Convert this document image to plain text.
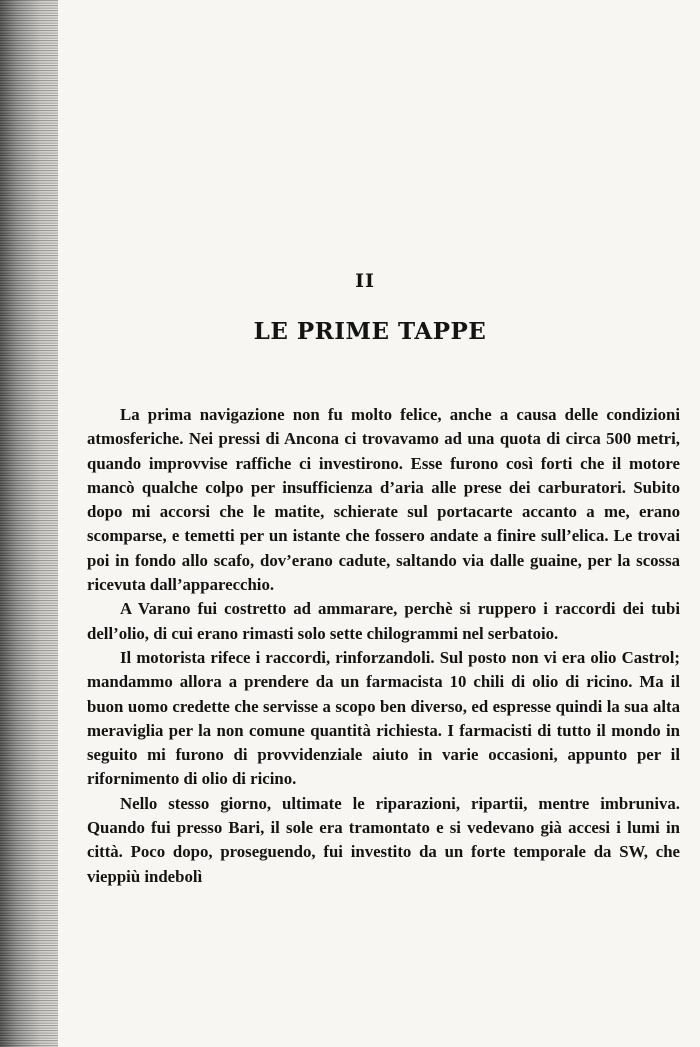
II
LE PRIME TAPPE

La prima navigazione non fu molto felice, anche a causa delle condizioni atmosferiche. Nei pressi di Ancona ci trovavamo ad una quota di circa 500 metri, quando improvvise raffiche ci investirono. Esse furono così forti che il motore mancò qualche colpo per insufficienza d’aria alle prese dei carburatori. Subito dopo mi accorsi che le matite, schierate sul portacarte accanto a me, erano scomparse, e temetti per un istante che fossero andate a finire sull’elica. Le trovai poi in fondo allo scafo, dov’erano cadute, saltando via dalle guaine, per la scossa ricevuta dall’apparecchio.

A Varano fui costretto ad ammarare, perchè si ruppero i raccordi dei tubi dell’olio, di cui erano rimasti solo sette chilogrammi nel serbatoio.

Il motorista rifece i raccordi, rinforzandoli. Sul posto non vi era olio Castrol; mandammo allora a prendere da un farmacista 10 chili di olio di ricino. Ma il buon uomo credette che servisse a scopo ben diverso, ed espresse quindi la sua alta meraviglia per la non comune quantità richiesta. I farmacisti di tutto il mondo in seguito mi furono di provvidenziale aiuto in varie occasioni, appunto per il rifornimento di olio di ricino.

Nello stesso giorno, ultimate le riparazioni, ripartii, mentre imbruniva. Quando fui presso Bari, il sole era tramontato e si vedevano già accesi i lumi in città. Poco dopo, proseguendo, fui investito da un forte temporale da SW, che vieppiù indebolì
